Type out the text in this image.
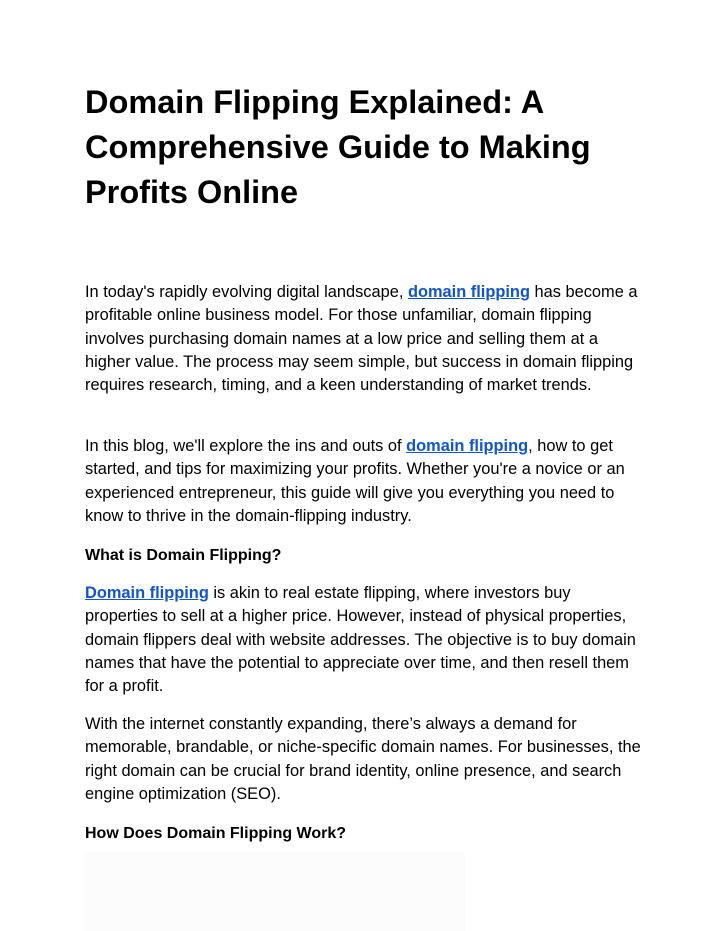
Domain Flipping Explained: A Comprehensive Guide to Making Profits Online

In today's rapidly evolving digital landscape, domain flipping has become a profitable online business model. For those unfamiliar, domain flipping involves purchasing domain names at a low price and selling them at a higher value. The process may seem simple, but success in domain flipping requires research, timing, and a keen understanding of market trends.

In this blog, we'll explore the ins and outs of domain flipping, how to get started, and tips for maximizing your profits. Whether you're a novice or an experienced entrepreneur, this guide will give you everything you need to know to thrive in the domain-flipping industry.

What is Domain Flipping?

Domain flipping is akin to real estate flipping, where investors buy properties to sell at a higher price. However, instead of physical properties, domain flippers deal with website addresses. The objective is to buy domain names that have the potential to appreciate over time, and then resell them for a profit.

With the internet constantly expanding, there’s always a demand for memorable, brandable, or niche-specific domain names. For businesses, the right domain can be crucial for brand identity, online presence, and search engine optimization (SEO).

How Does Domain Flipping Work?
